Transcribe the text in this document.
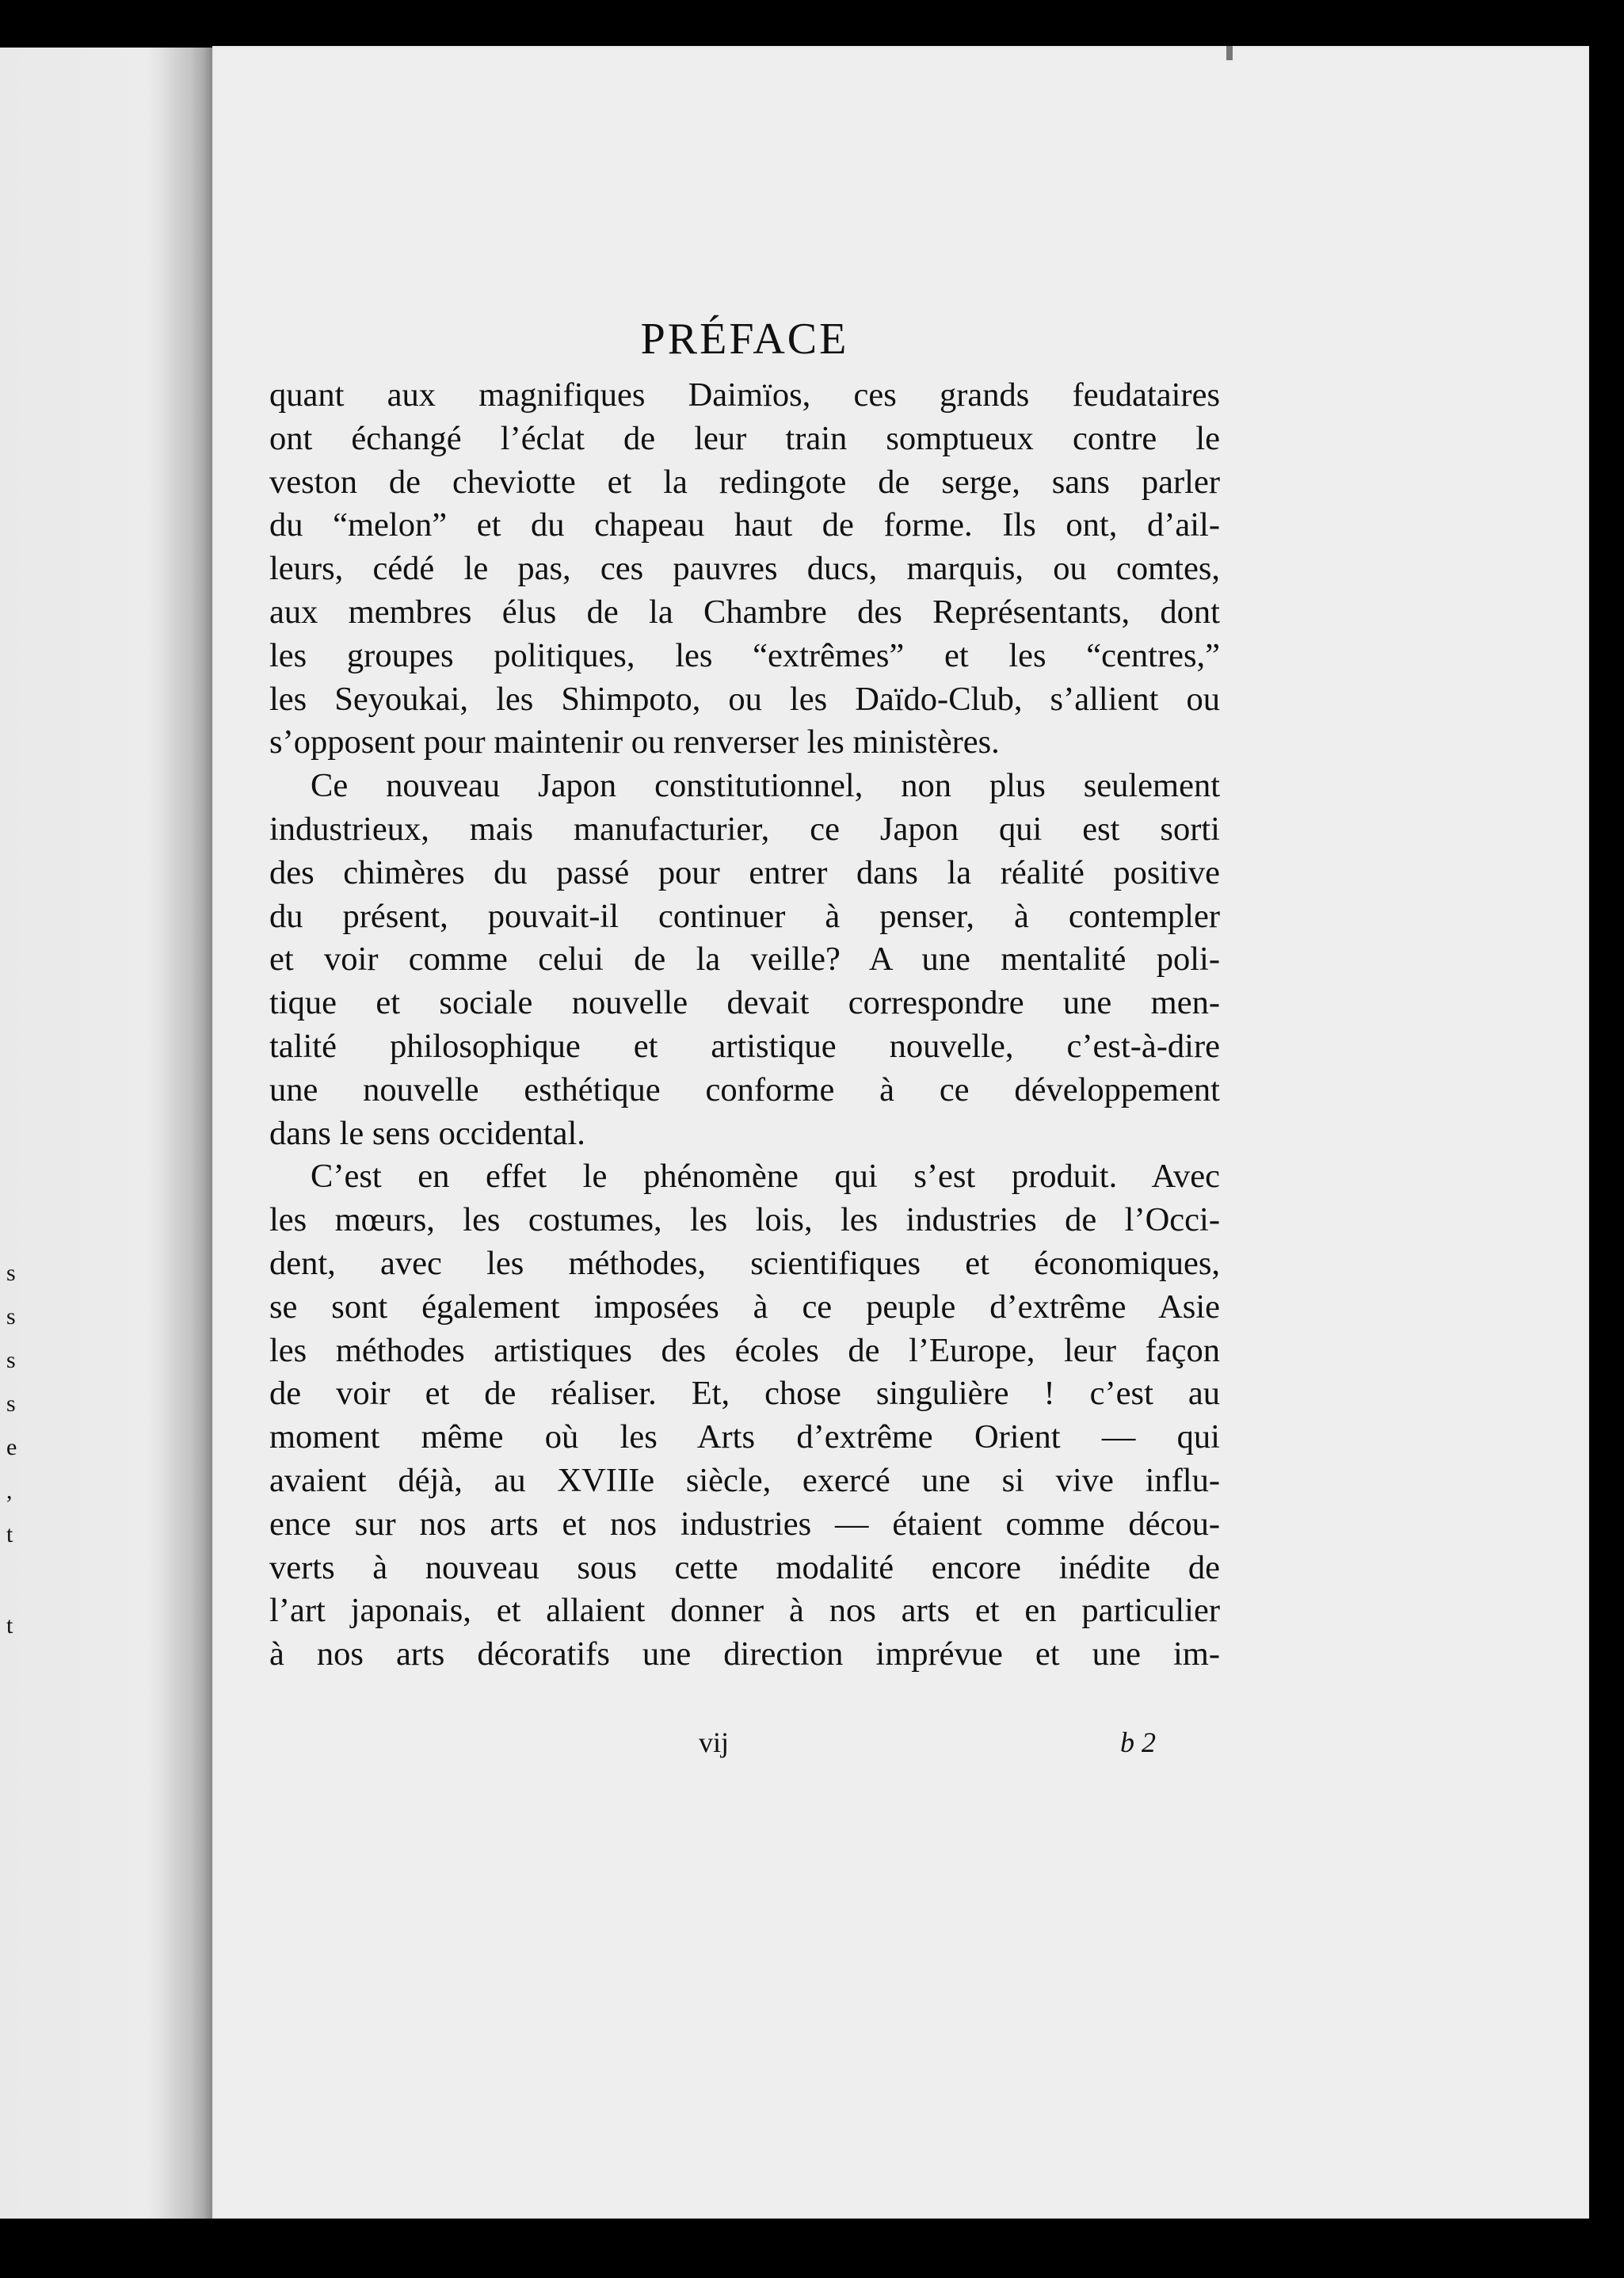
s
s
s
s
e
,
t
t
PRÉFACE
quant aux magnifiques Daimïos, ces grands feudataires
ont échangé l’éclat de leur train somptueux contre le
veston de cheviotte et la redingote de serge, sans parler
du “melon” et du chapeau haut de forme. Ils ont, d’ail-
leurs, cédé le pas, ces pauvres ducs, marquis, ou comtes,
aux membres élus de la Chambre des Représentants, dont
les groupes politiques, les “extrêmes” et les “centres,”
les Seyoukai, les Shimpoto, ou les Daïdo-Club, s’allient ou
s’opposent pour maintenir ou renverser les ministères.
Ce nouveau Japon constitutionnel, non plus seulement
industrieux, mais manufacturier, ce Japon qui est sorti
des chimères du passé pour entrer dans la réalité positive
du présent, pouvait-il continuer à penser, à contempler
et voir comme celui de la veille? A une mentalité poli-
tique et sociale nouvelle devait correspondre une men-
talité philosophique et artistique nouvelle, c’est-à-dire
une nouvelle esthétique conforme à ce développement
dans le sens occidental.
C’est en effet le phénomène qui s’est produit. Avec
les mœurs, les costumes, les lois, les industries de l’Occi-
dent, avec les méthodes, scientifiques et économiques,
se sont également imposées à ce peuple d’extrême Asie
les méthodes artistiques des écoles de l’Europe, leur façon
de voir et de réaliser. Et, chose singulière ! c’est au
moment même où les Arts d’extrême Orient — qui
avaient déjà, au XVIIIe siècle, exercé une si vive influ-
ence sur nos arts et nos industries — étaient comme décou-
verts à nouveau sous cette modalité encore inédite de
l’art japonais, et allaient donner à nos arts et en particulier
à nos arts décoratifs une direction imprévue et une im-
vij	b 2
